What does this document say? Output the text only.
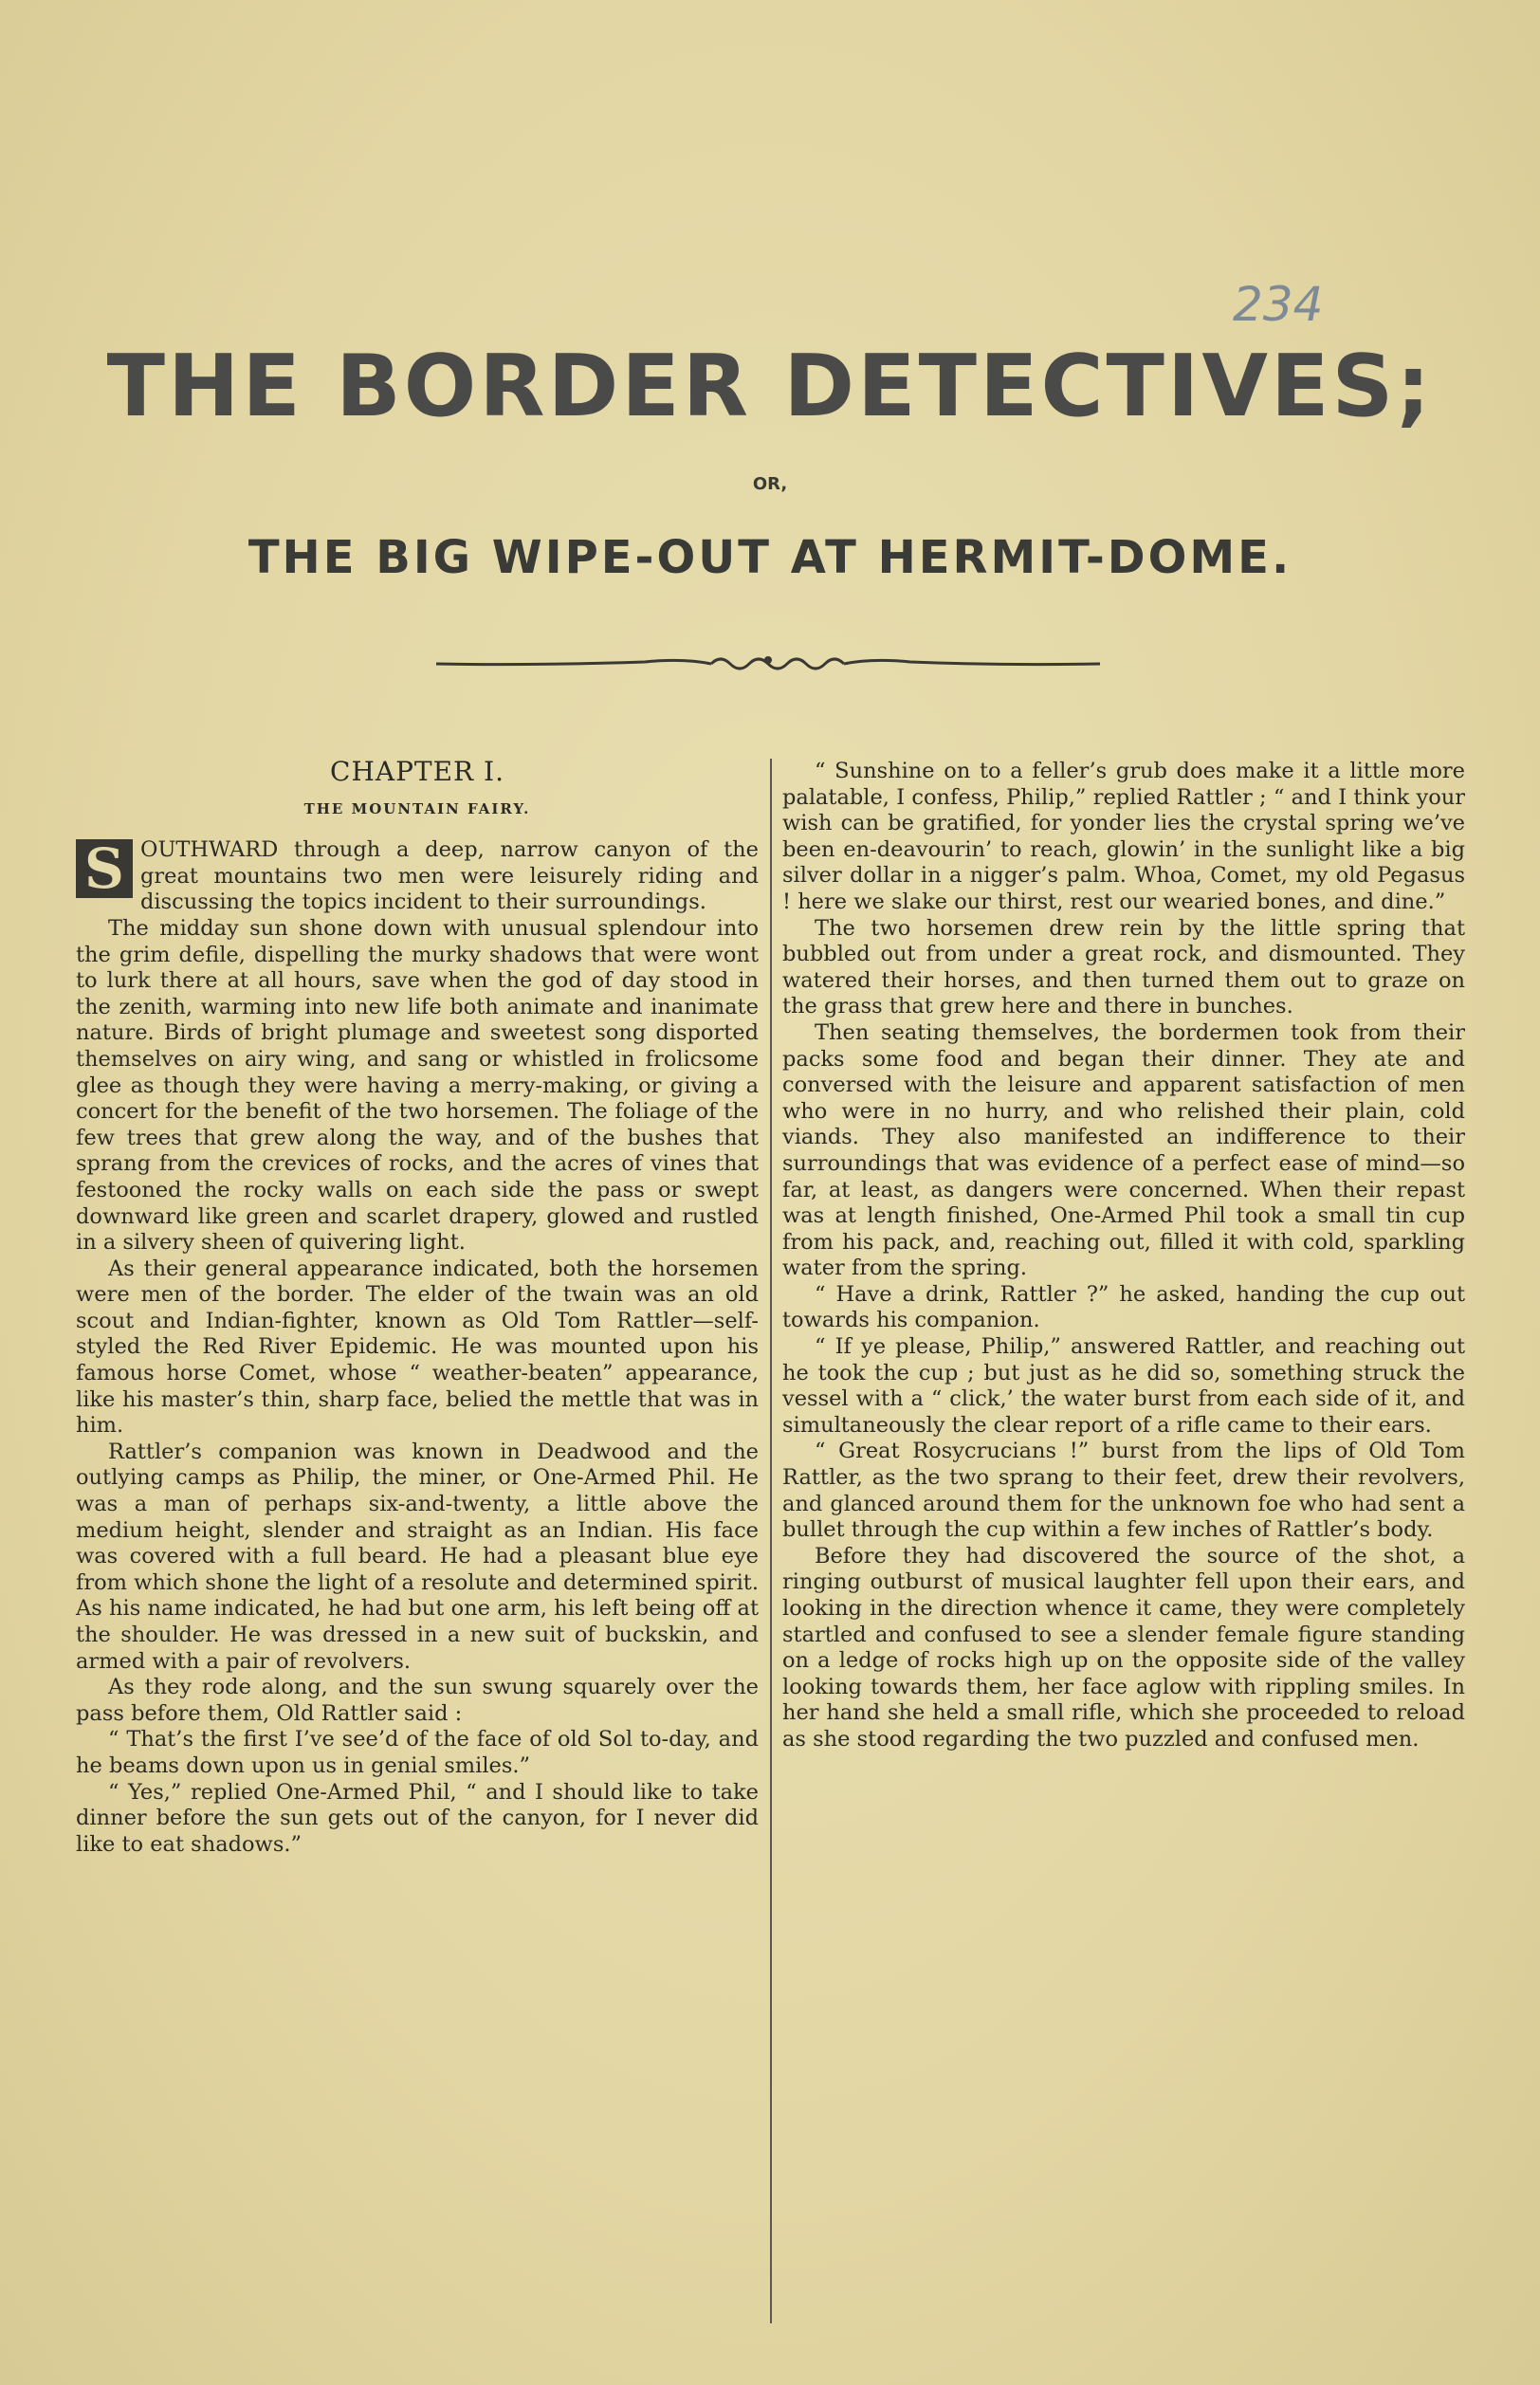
234
THE BORDER DETECTIVES;
OR,
THE BIG WIPE-OUT AT HERMIT-DOME.
CHAPTER I.
THE MOUNTAIN FAIRY.

S OUTHWARD through a deep, narrow canyon of the great mountains two men were leisurely riding and discussing the topics incident to their surroundings.

The midday sun shone down with unusual splendour into the grim defile, dispelling the murky shadows that were wont to lurk there at all hours, save when the god of day stood in the zenith, warming into new life both animate and inanimate nature. Birds of bright plumage and sweetest song disported themselves on airy wing, and sang or whistled in frolicsome glee as though they were having a merry-making, or giving a concert for the benefit of the two horsemen. The foliage of the few trees that grew along the way, and of the bushes that sprang from the crevices of rocks, and the acres of vines that festooned the rocky walls on each side the pass or swept downward like green and scarlet drapery, glowed and rustled in a silvery sheen of quivering light.

As their general appearance indicated, both the horsemen were men of the border. The elder of the twain was an old scout and Indian-fighter, known as Old Tom Rattler—self-styled the Red River Epidemic. He was mounted upon his famous horse Comet, whose “ weather-beaten” appearance, like his master’s thin, sharp face, belied the mettle that was in him.

Rattler’s companion was known in Deadwood and the outlying camps as Philip, the miner, or One-Armed Phil. He was a man of perhaps six-and-twenty, a little above the medium height, slender and straight as an Indian. His face was covered with a full beard. He had a pleasant blue eye from which shone the light of a resolute and determined spirit. As his name indicated, he had but one arm, his left being off at the shoulder. He was dressed in a new suit of buckskin, and armed with a pair of revolvers.

As they rode along, and the sun swung squarely over the pass before them, Old Rattler said :

“ That’s the first I’ve see’d of the face of old Sol to-day, and he beams down upon us in genial smiles.”

“ Yes,” replied One-Armed Phil, “ and I should like to take dinner before the sun gets out of the canyon, for I never did like to eat shadows.”

“ Sunshine on to a feller’s grub does make it a little more palatable, I confess, Philip,” replied Rattler ; “ and I think your wish can be gratified, for yonder lies the crystal spring we’ve been en-deavourin’ to reach, glowin’ in the sunlight like a big silver dollar in a nigger’s palm. Whoa, Comet, my old Pegasus ! here we slake our thirst, rest our wearied bones, and dine.”

The two horsemen drew rein by the little spring that bubbled out from under a great rock, and dismounted. They watered their horses, and then turned them out to graze on the grass that grew here and there in bunches.

Then seating themselves, the bordermen took from their packs some food and began their dinner. They ate and conversed with the leisure and apparent satisfaction of men who were in no hurry, and who relished their plain, cold viands. They also manifested an indifference to their surroundings that was evidence of a perfect ease of mind—so far, at least, as dangers were concerned. When their repast was at length finished, One-Armed Phil took a small tin cup from his pack, and, reaching out, filled it with cold, sparkling water from the spring.

“ Have a drink, Rattler ?” he asked, handing the cup out towards his companion.

“ If ye please, Philip,” answered Rattler, and reaching out he took the cup ; but just as he did so, something struck the vessel with a “ click,’ the water burst from each side of it, and simultaneously the clear report of a rifle came to their ears.

“ Great Rosycrucians !” burst from the lips of Old Tom Rattler, as the two sprang to their feet, drew their revolvers, and glanced around them for the unknown foe who had sent a bullet through the cup within a few inches of Rattler’s body.

Before they had discovered the source of the shot, a ringing outburst of musical laughter fell upon their ears, and looking in the direction whence it came, they were completely startled and confused to see a slender female figure standing on a ledge of rocks high up on the opposite side of the valley looking towards them, her face aglow with rippling smiles. In her hand she held a small rifle, which she proceeded to reload as she stood regarding the two puzzled and confused men.
